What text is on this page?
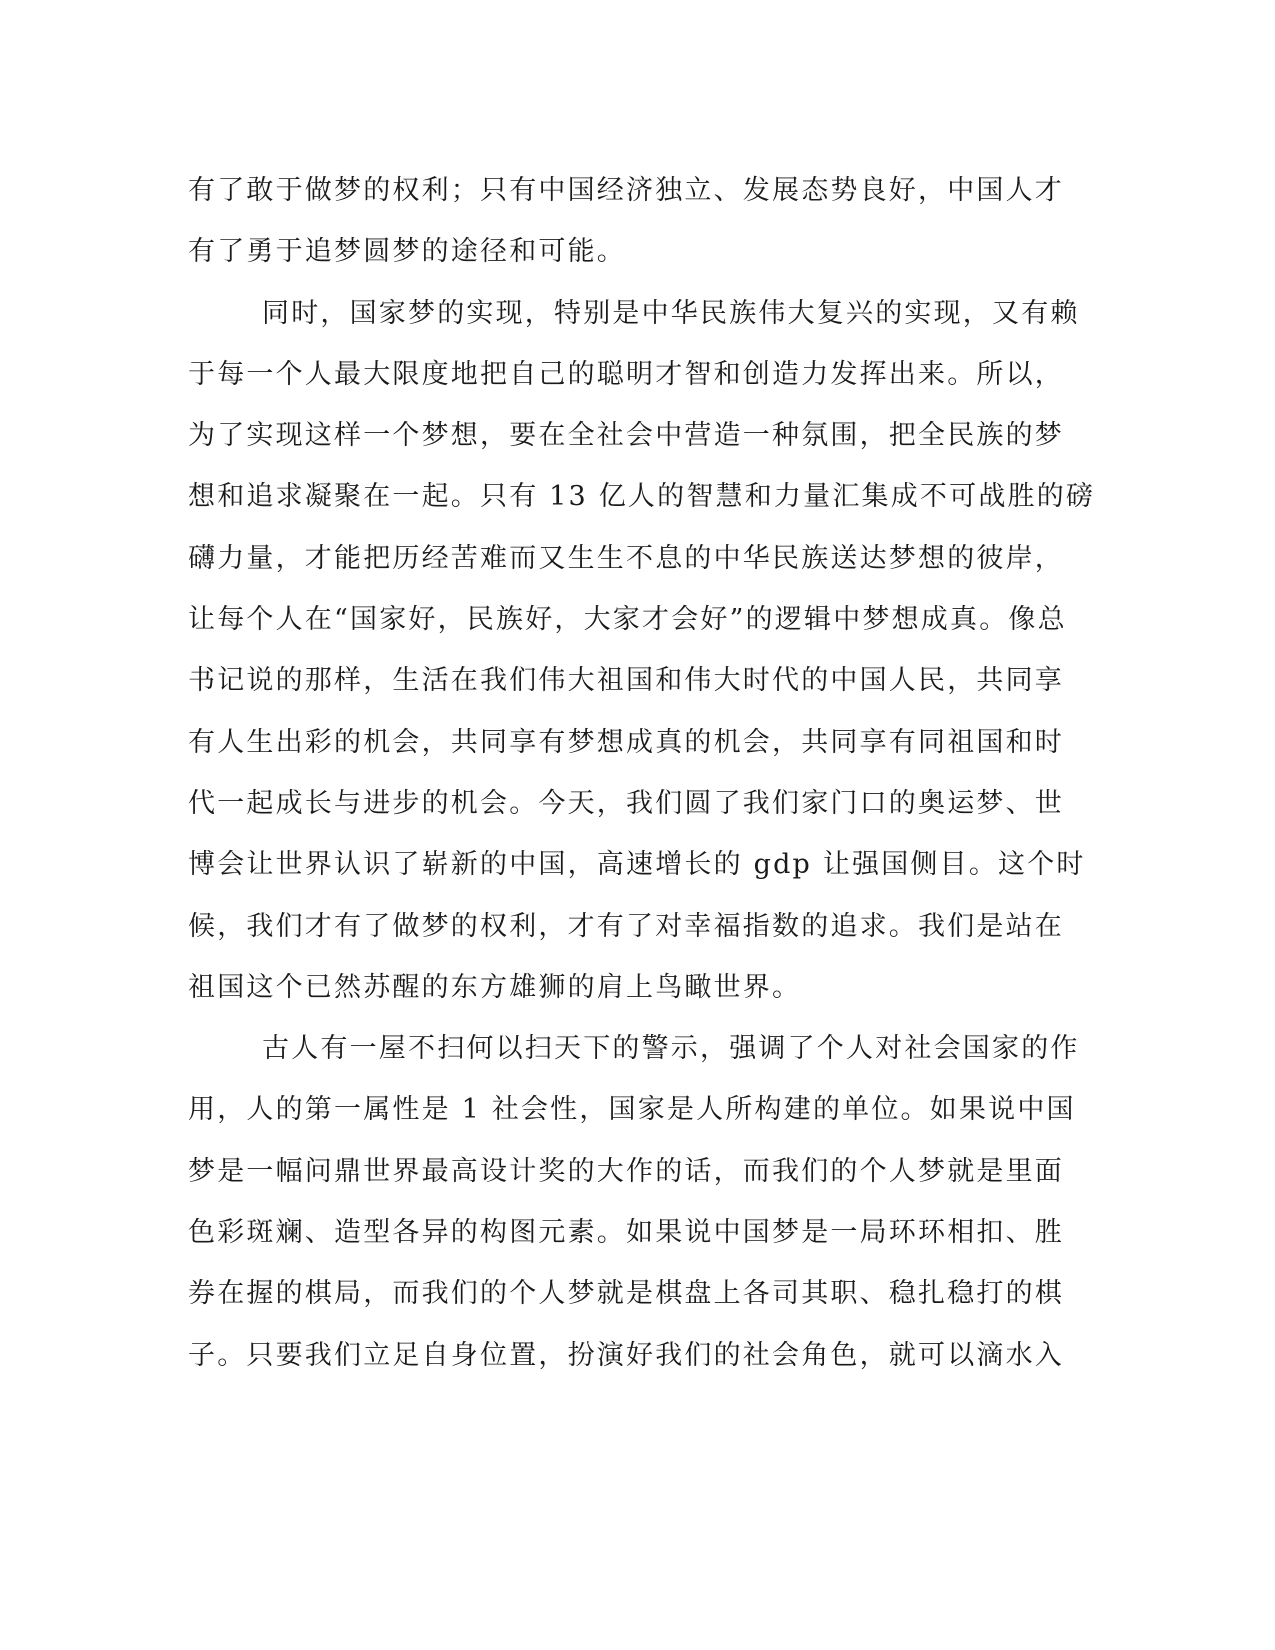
有了敢于做梦的权利；只有中国经济独立、发展态势良好，中国人才
有了勇于追梦圆梦的途径和可能。
同时，国家梦的实现，特别是中华民族伟大复兴的实现，又有赖
于每一个人最大限度地把自己的聪明才智和创造力发挥出来。所以，
为了实现这样一个梦想，要在全社会中营造一种氛围，把全民族的梦
想和追求凝聚在一起。只有 13 亿人的智慧和力量汇集成不可战胜的磅
礴力量，才能把历经苦难而又生生不息的中华民族送达梦想的彼岸，
让每个人在“国家好，民族好，大家才会好”的逻辑中梦想成真。像总
书记说的那样，生活在我们伟大祖国和伟大时代的中国人民，共同享
有人生出彩的机会，共同享有梦想成真的机会，共同享有同祖国和时
代一起成长与进步的机会。今天，我们圆了我们家门口的奥运梦、世
博会让世界认识了崭新的中国，高速增长的 gdp 让强国侧目。这个时
候，我们才有了做梦的权利，才有了对幸福指数的追求。我们是站在
祖国这个已然苏醒的东方雄狮的肩上鸟瞰世界。
古人有一屋不扫何以扫天下的警示，强调了个人对社会国家的作
用，人的第一属性是 1 社会性，国家是人所构建的单位。如果说中国
梦是一幅问鼎世界最高设计奖的大作的话，而我们的个人梦就是里面
色彩斑斓、造型各异的构图元素。如果说中国梦是一局环环相扣、胜
券在握的棋局，而我们的个人梦就是棋盘上各司其职、稳扎稳打的棋
子。只要我们立足自身位置，扮演好我们的社会角色，就可以滴水入
